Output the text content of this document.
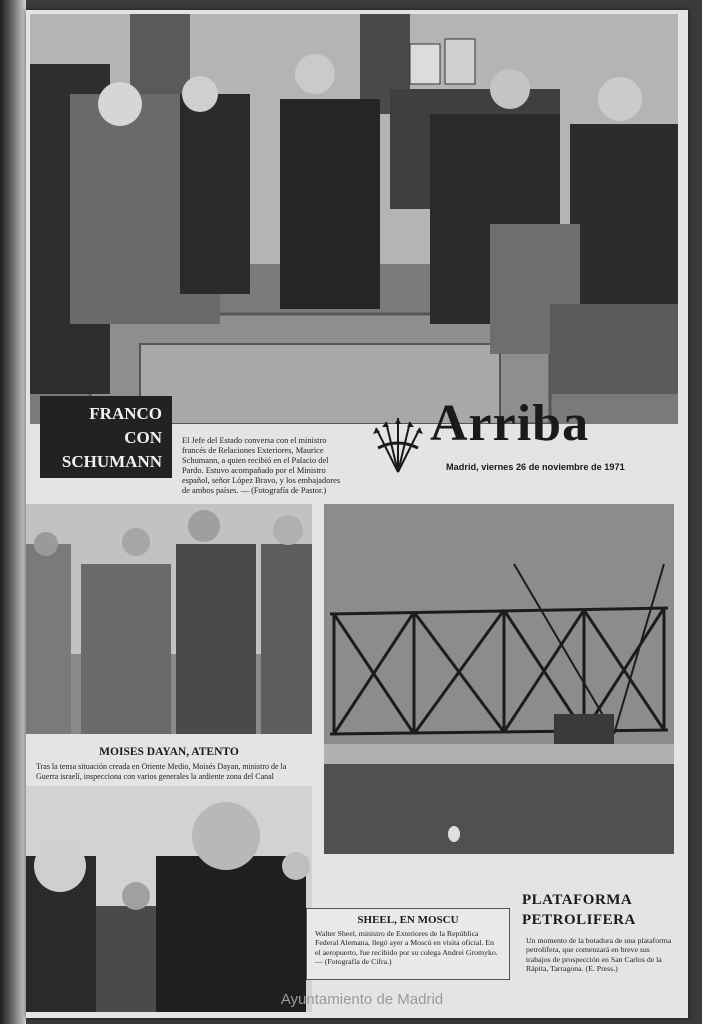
FRANCO
CON
SCHUMANN
El Jefe del Estado conversa con el ministro francés de Relaciones Exteriores, Maurice Schumann, a quien recibió en el Palacio del Pardo. Estuvo acompañado por el Ministro español, señor López Bravo, y los embajadores de ambos países. — (Fotografía de Pastor.)
Arriba
Madrid, viernes 26 de noviembre de 1971
MOISES DAYAN, ATENTO
Tras la tensa situación creada en Oriente Medio, Moisés Dayan, ministro de la Guerra israelí, inspecciona con varios generales la ardiente zona del Canal
SHEEL, EN MOSCU
Walter Sheel, ministro de Exteriores de la República Federal Alemana, llegó ayer a Moscú en visita oficial. En el aeropuerto, fue recibido por su colega Andrei Gromyko. — (Fotografía de Cifra.)
PLATAFORMA
PETROLIFERA
Un momento de la botadura de una plataforma petrolífera, que comenzará en breve sus trabajos de prospección en San Carlos de la Rápita, Tarragona. (E. Press.)
Ayuntamiento de Madrid
